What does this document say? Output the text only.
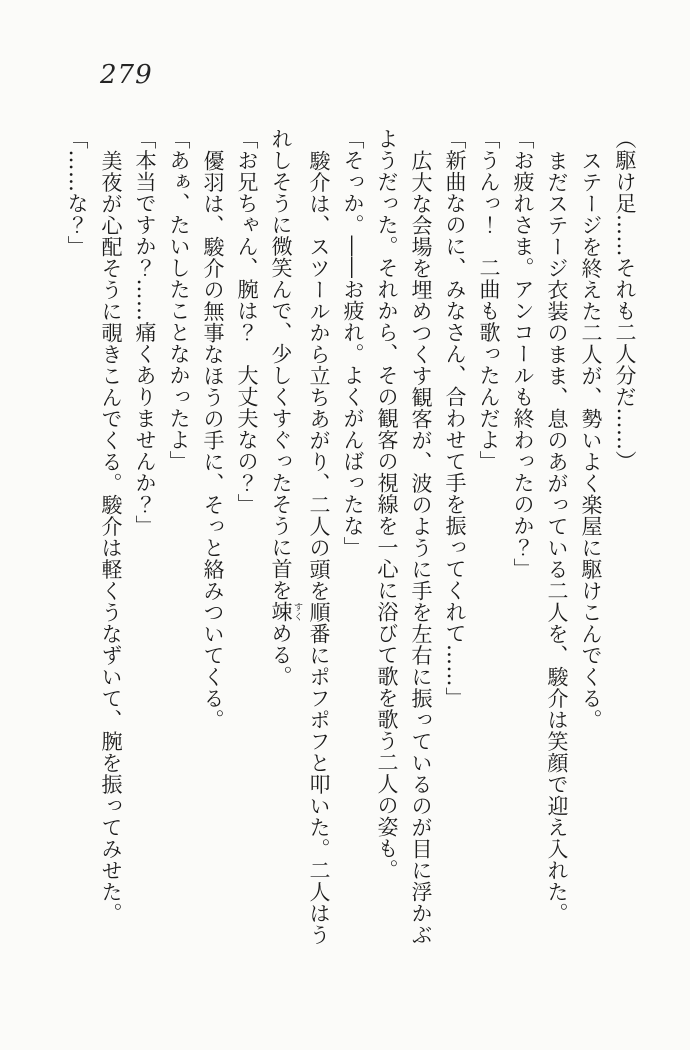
279
（駆け足……それも二人分だ……）
ステージを終えた二人が、勢いよく楽屋に駆けこんでくる。
まだステージ衣装のまま、息のあがっている二人を、駿介は笑顔で迎え入れた。
「お疲れさま。アンコールも終わったのか？」
「うんっ！　二曲も歌ったんだよ」
「新曲なのに、みなさん、合わせて手を振ってくれて……」
広大な会場を埋めつくす観客が、波のように手を左右に振っているのが目に浮かぶ
ようだった。それから、その観客の視線を一心に浴びて歌を歌う二人の姿も。
「そっか。――お疲れ。よくがんばったな」
駿介は、スツールから立ちあがり、二人の頭を順番にポフポフと叩いた。二人はう
れしそうに微笑んで、少しくすぐったそうに首を竦すくめる。
「お兄ちゃん、腕は？　大丈夫なの？」
優羽は、駿介の無事なほうの手に、そっと絡みついてくる。
「あぁ、たいしたことなかったよ」
「本当ですか？……痛くありませんか？」
美夜が心配そうに覗きこんでくる。駿介は軽くうなずいて、腕を振ってみせた。
「……な？」
